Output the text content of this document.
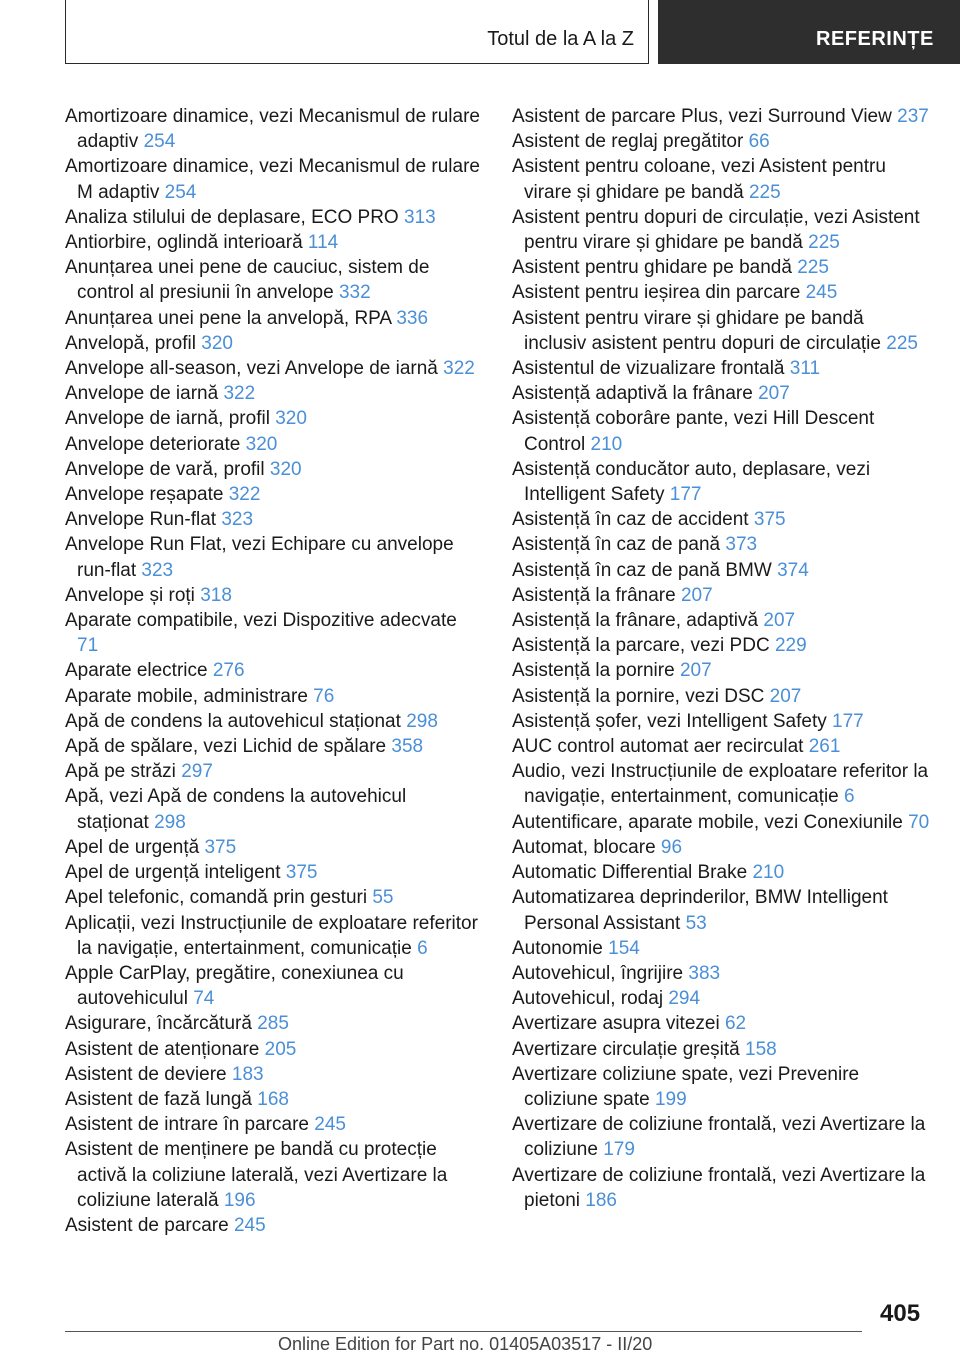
Totul de la A la Z	REFERINȚE
Amortizoare dinamice, vezi Mecanismul de rulare adaptiv 254
Amortizoare dinamice, vezi Mecanismul de rulare M adaptiv 254
Analiza stilului de deplasare, ECO PRO 313
Antiorbire, oglindă interioară 114
Anunțarea unei pene de cauciuc, sistem de control al presiunii în anvelope 332
Anunțarea unei pene la anvelopă, RPA 336
Anvelopă, profil 320
Anvelope all-season, vezi Anvelope de iarnă 322
Anvelope de iarnă 322
Anvelope de iarnă, profil 320
Anvelope deteriorate 320
Anvelope de vară, profil 320
Anvelope reșapate 322
Anvelope Run-flat 323
Anvelope Run Flat, vezi Echipare cu anvelope run-flat 323
Anvelope și roți 318
Aparate compatibile, vezi Dispozitive adecvate 71
Aparate electrice 276
Aparate mobile, administrare 76
Apă de condens la autovehicul staționat 298
Apă de spălare, vezi Lichid de spălare 358
Apă pe străzi 297
Apă, vezi Apă de condens la autovehicul staționat 298
Apel de urgență 375
Apel de urgență inteligent 375
Apel telefonic, comandă prin gesturi 55
Aplicații, vezi Instrucțiunile de exploatare referitor la navigație, entertainment, comunicație 6
Apple CarPlay, pregătire, conexiunea cu autovehiculul 74
Asigurare, încărcătură 285
Asistent de atenționare 205
Asistent de deviere 183
Asistent de fază lungă 168
Asistent de intrare în parcare 245
Asistent de menținere pe bandă cu protecție activă la coliziune laterală, vezi Avertizare la coliziune laterală 196
Asistent de parcare 245
Asistent de parcare Plus, vezi Surround View 237
Asistent de reglaj pregătitor 66
Asistent pentru coloane, vezi Asistent pentru virare și ghidare pe bandă 225
Asistent pentru dopuri de circulație, vezi Asistent pentru virare și ghidare pe bandă 225
Asistent pentru ghidare pe bandă 225
Asistent pentru ieșirea din parcare 245
Asistent pentru virare și ghidare pe bandă inclusiv asistent pentru dopuri de circulație 225
Asistentul de vizualizare frontală 311
Asistență adaptivă la frânare 207
Asistență coborâre pante, vezi Hill Descent Control 210
Asistență conducător auto, deplasare, vezi Intelligent Safety 177
Asistență în caz de accident 375
Asistență în caz de pană 373
Asistență în caz de pană BMW 374
Asistență la frânare 207
Asistență la frânare, adaptivă 207
Asistență la parcare, vezi PDC 229
Asistență la pornire 207
Asistență la pornire, vezi DSC 207
Asistență șofer, vezi Intelligent Safety 177
AUC control automat aer recirculat 261
Audio, vezi Instrucțiunile de exploatare referitor la navigație, entertainment, comunicație 6
Autentificare, aparate mobile, vezi Conexiunile 70
Automat, blocare 96
Automatic Differential Brake 210
Automatizarea deprinderilor, BMW Intelligent Personal Assistant 53
Autonomie 154
Autovehicul, îngrijire 383
Autovehicul, rodaj 294
Avertizare asupra vitezei 62
Avertizare circulație greșită 158
Avertizare coliziune spate, vezi Prevenire coliziune spate 199
Avertizare de coliziune frontală, vezi Avertizare la coliziune 179
Avertizare de coliziune frontală, vezi Avertizare la pietoni 186
405
Online Edition for Part no. 01405A03517 - II/20
